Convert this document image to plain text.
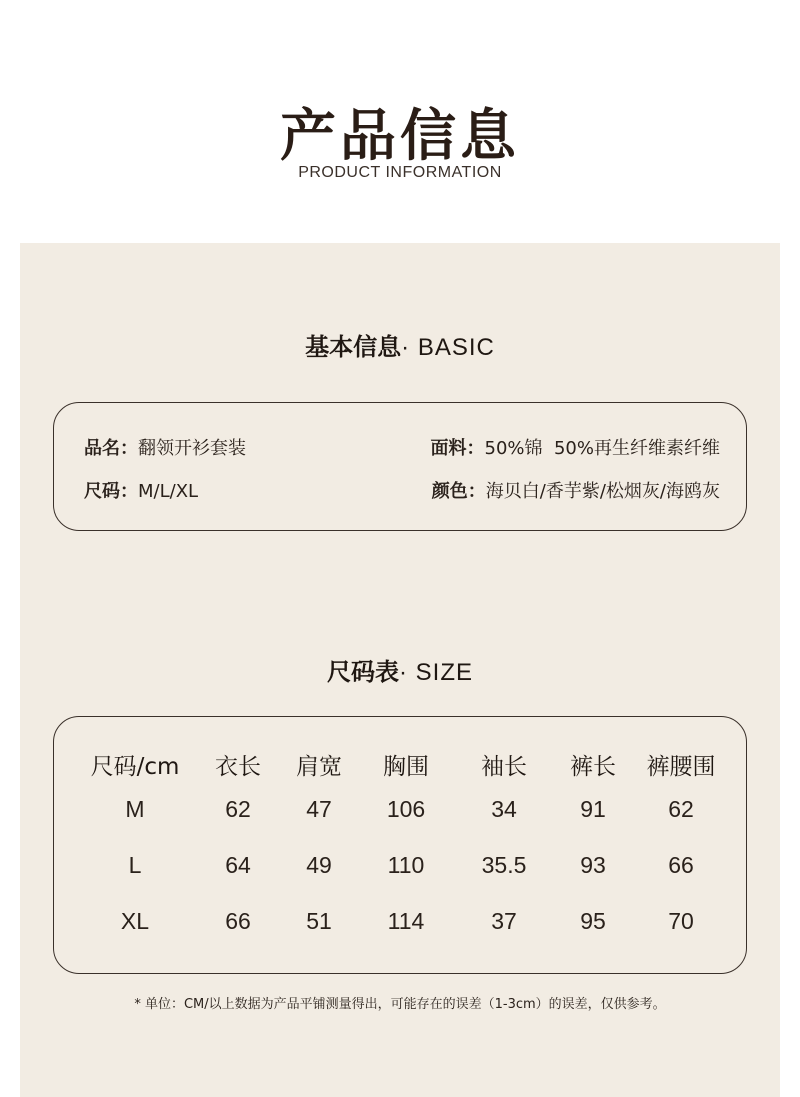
产品信息
PRODUCT INFORMATION
基本信息· BASIC
品名：翻领开衫套装	面料：50%锦  50%再生纤维素纤维
尺码：M/L/XL	颜色：海贝白/香芋紫/松烟灰/海鸥灰
尺码表· SIZE
尺码/cm	衣长	肩宽	胸围	袖长	裤长	裤腰围
M	62	47	106	34	91	62
L	64	49	110	35.5	93	66
XL	66	51	114	37	95	70
* 单位：CM/以上数据为产品平铺测量得出，可能存在的误差（1-3cm）的误差，仅供参考。
